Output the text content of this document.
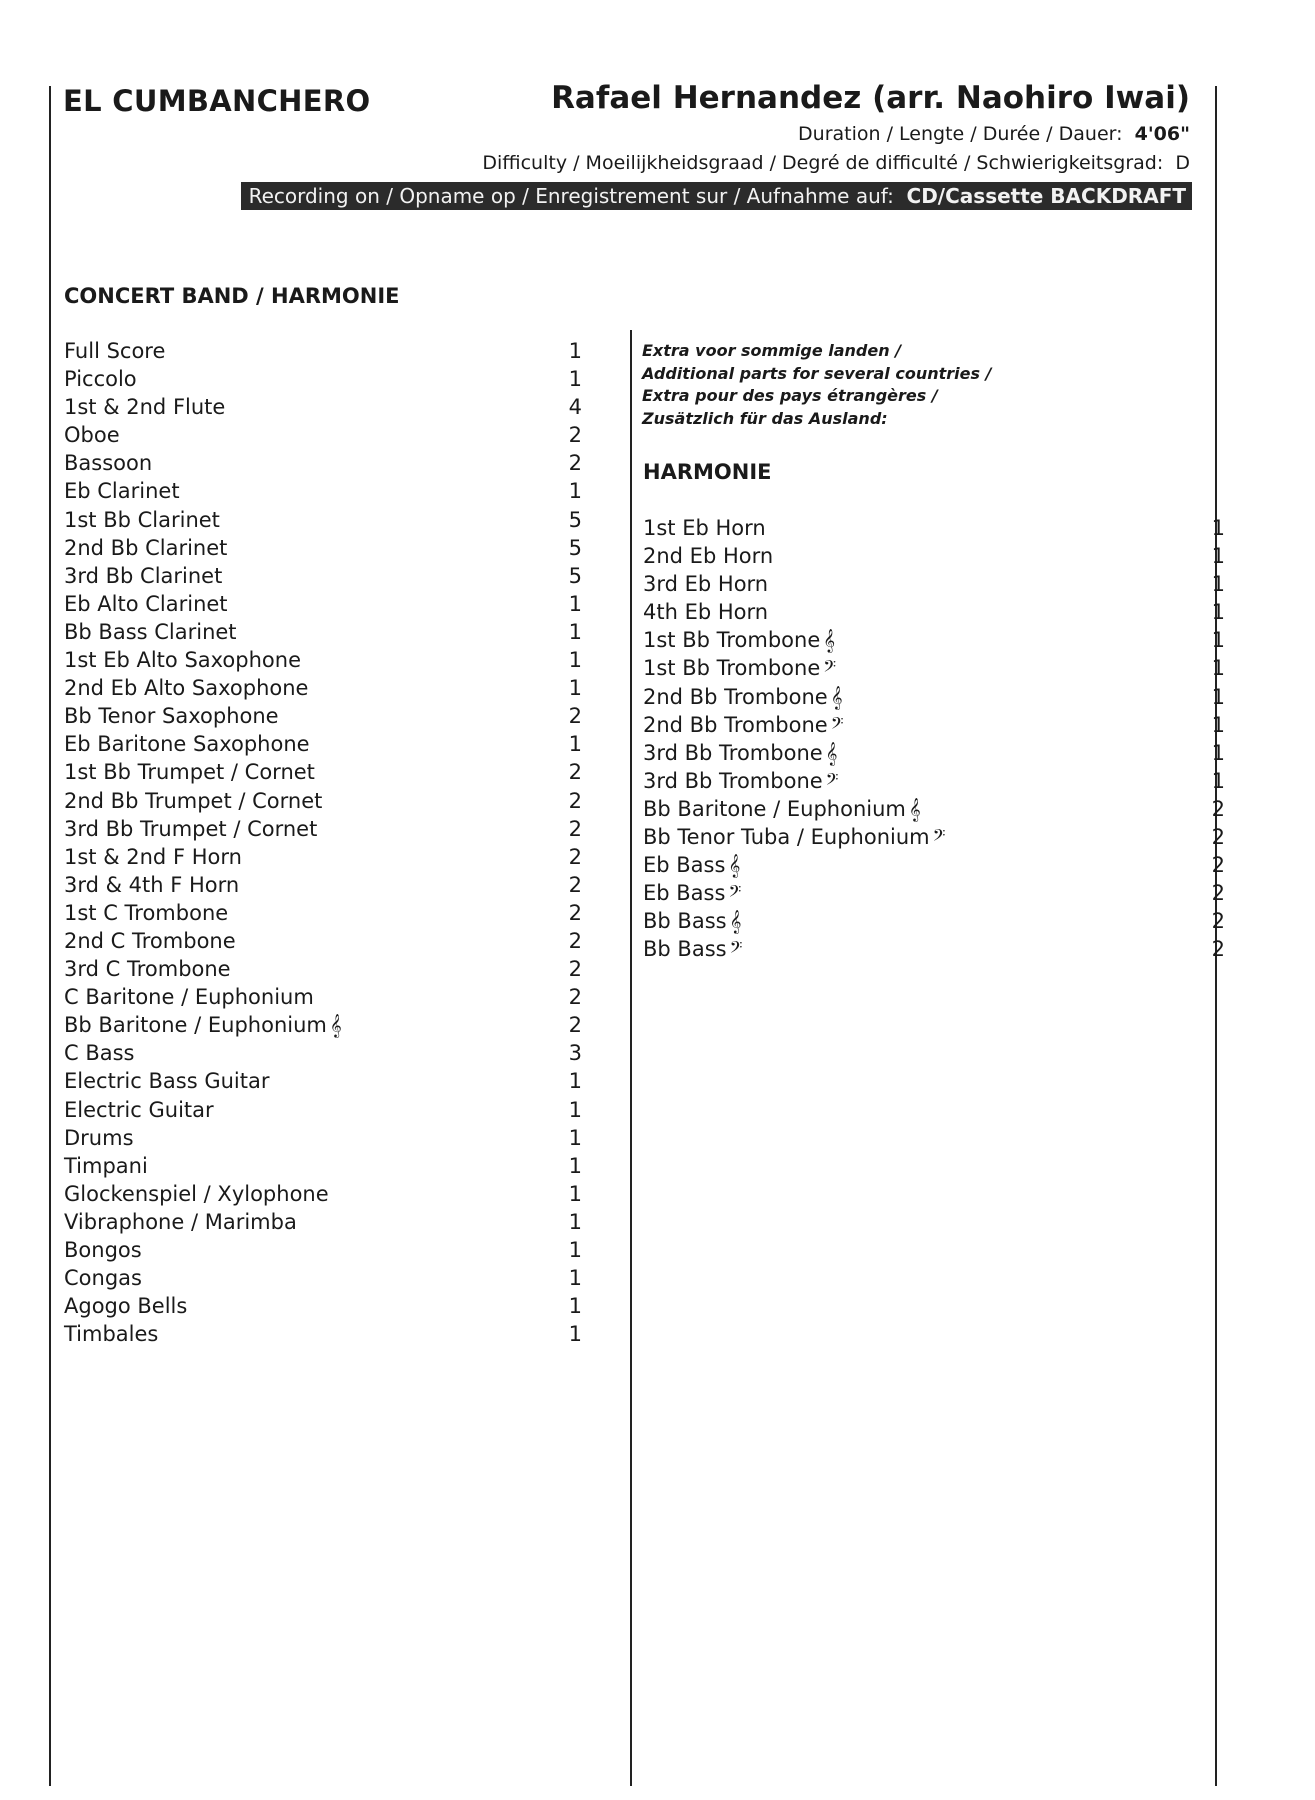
EL CUMBANCHERO	Rafael Hernandez (arr. Naohiro Iwai)
Duration / Lengte / Durée / Dauer: 4'06"
Difficulty / Moeilijkheidsgraad / Degré de difficulté / Schwierigkeitsgrad: D
Recording on / Opname op / Enregistrement sur / Aufnahme auf: CD/Cassette BACKDRAFT
CONCERT BAND / HARMONIE
Full Score	1
Piccolo	1
1st & 2nd Flute	4
Oboe	2
Bassoon	2
Eb Clarinet	1
1st Bb Clarinet	5
2nd Bb Clarinet	5
3rd Bb Clarinet	5
Eb Alto Clarinet	1
Bb Bass Clarinet	1
1st Eb Alto Saxophone	1
2nd Eb Alto Saxophone	1
Bb Tenor Saxophone	2
Eb Baritone Saxophone	1
1st Bb Trumpet / Cornet	2
2nd Bb Trumpet / Cornet	2
3rd Bb Trumpet / Cornet	2
1st & 2nd F Horn	2
3rd & 4th F Horn	2
1st C Trombone	2
2nd C Trombone	2
3rd C Trombone	2
C Baritone / Euphonium	2
Bb Baritone / Euphonium 𝄞	2
C Bass	3
Electric Bass Guitar	1
Electric Guitar	1
Drums	1
Timpani	1
Glockenspiel / Xylophone	1
Vibraphone / Marimba	1
Bongos	1
Congas	1
Agogo Bells	1
Timbales	1
Extra voor sommige landen /
Additional parts for several countries /
Extra pour des pays étrangères /
Zusätzlich für das Ausland:
HARMONIE
1st Eb Horn	1
2nd Eb Horn	1
3rd Eb Horn	1
4th Eb Horn	1
1st Bb Trombone 𝄞	1
1st Bb Trombone 𝄢	1
2nd Bb Trombone 𝄞	1
2nd Bb Trombone 𝄢	1
3rd Bb Trombone 𝄞	1
3rd Bb Trombone 𝄢	1
Bb Baritone / Euphonium 𝄞	2
Bb Tenor Tuba / Euphonium 𝄢	2
Eb Bass 𝄞	2
Eb Bass 𝄢	2
Bb Bass 𝄞	2
Bb Bass 𝄢	2
